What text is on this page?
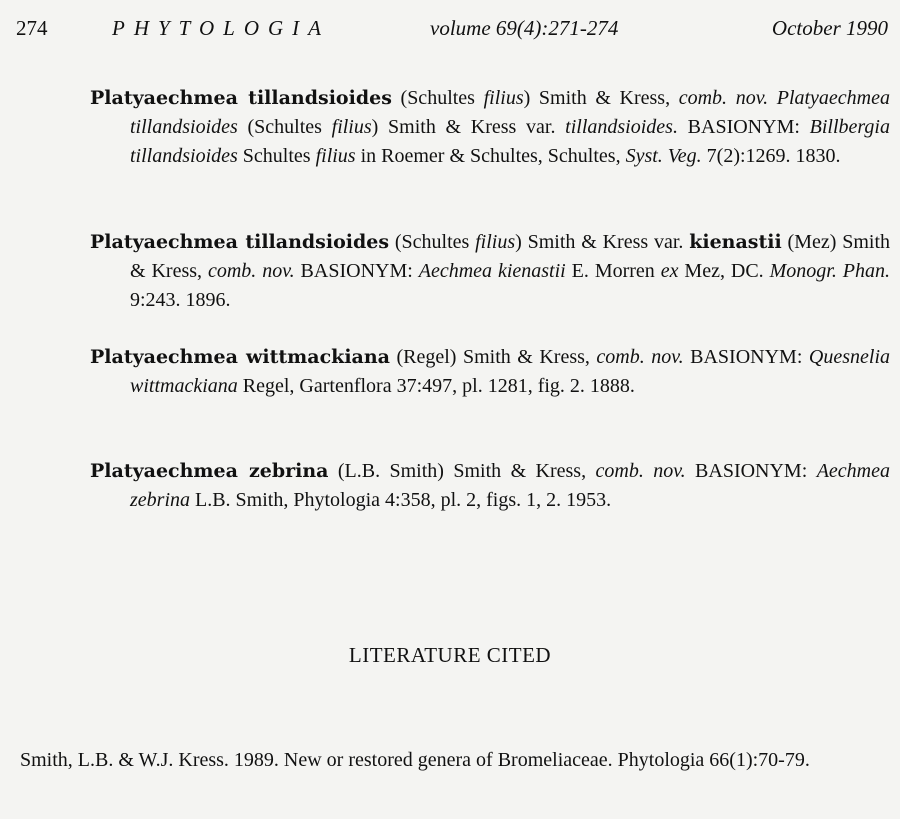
274	PHYTOLOGIA	volume 69(4):271-274	October 1990

Platyaechmea tillandsioides (Schultes filius) Smith & Kress, comb. nov. Platyaechmea tillandsioides (Schultes filius) Smith & Kress var. tillandsioides. BASIONYM: Billbergia tillandsioides Schultes filius in Roemer & Schultes, Schultes, Syst. Veg. 7(2):1269. 1830.

Platyaechmea tillandsioides (Schultes filius) Smith & Kress var. kienastii (Mez) Smith & Kress, comb. nov. BASIONYM: Aechmea kienastii E. Morren ex Mez, DC. Monogr. Phan. 9:243. 1896.

Platyaechmea wittmackiana (Regel) Smith & Kress, comb. nov. BASIONYM: Quesnelia wittmackiana Regel, Gartenflora 37:497, pl. 1281, fig. 2. 1888.

Platyaechmea zebrina (L.B. Smith) Smith & Kress, comb. nov. BASIONYM: Aechmea zebrina L.B. Smith, Phytologia 4:358, pl. 2, figs. 1, 2. 1953.

LITERATURE CITED

Smith, L.B. & W.J. Kress. 1989. New or restored genera of Bromeliaceae. Phytologia 66(1):70-79.
